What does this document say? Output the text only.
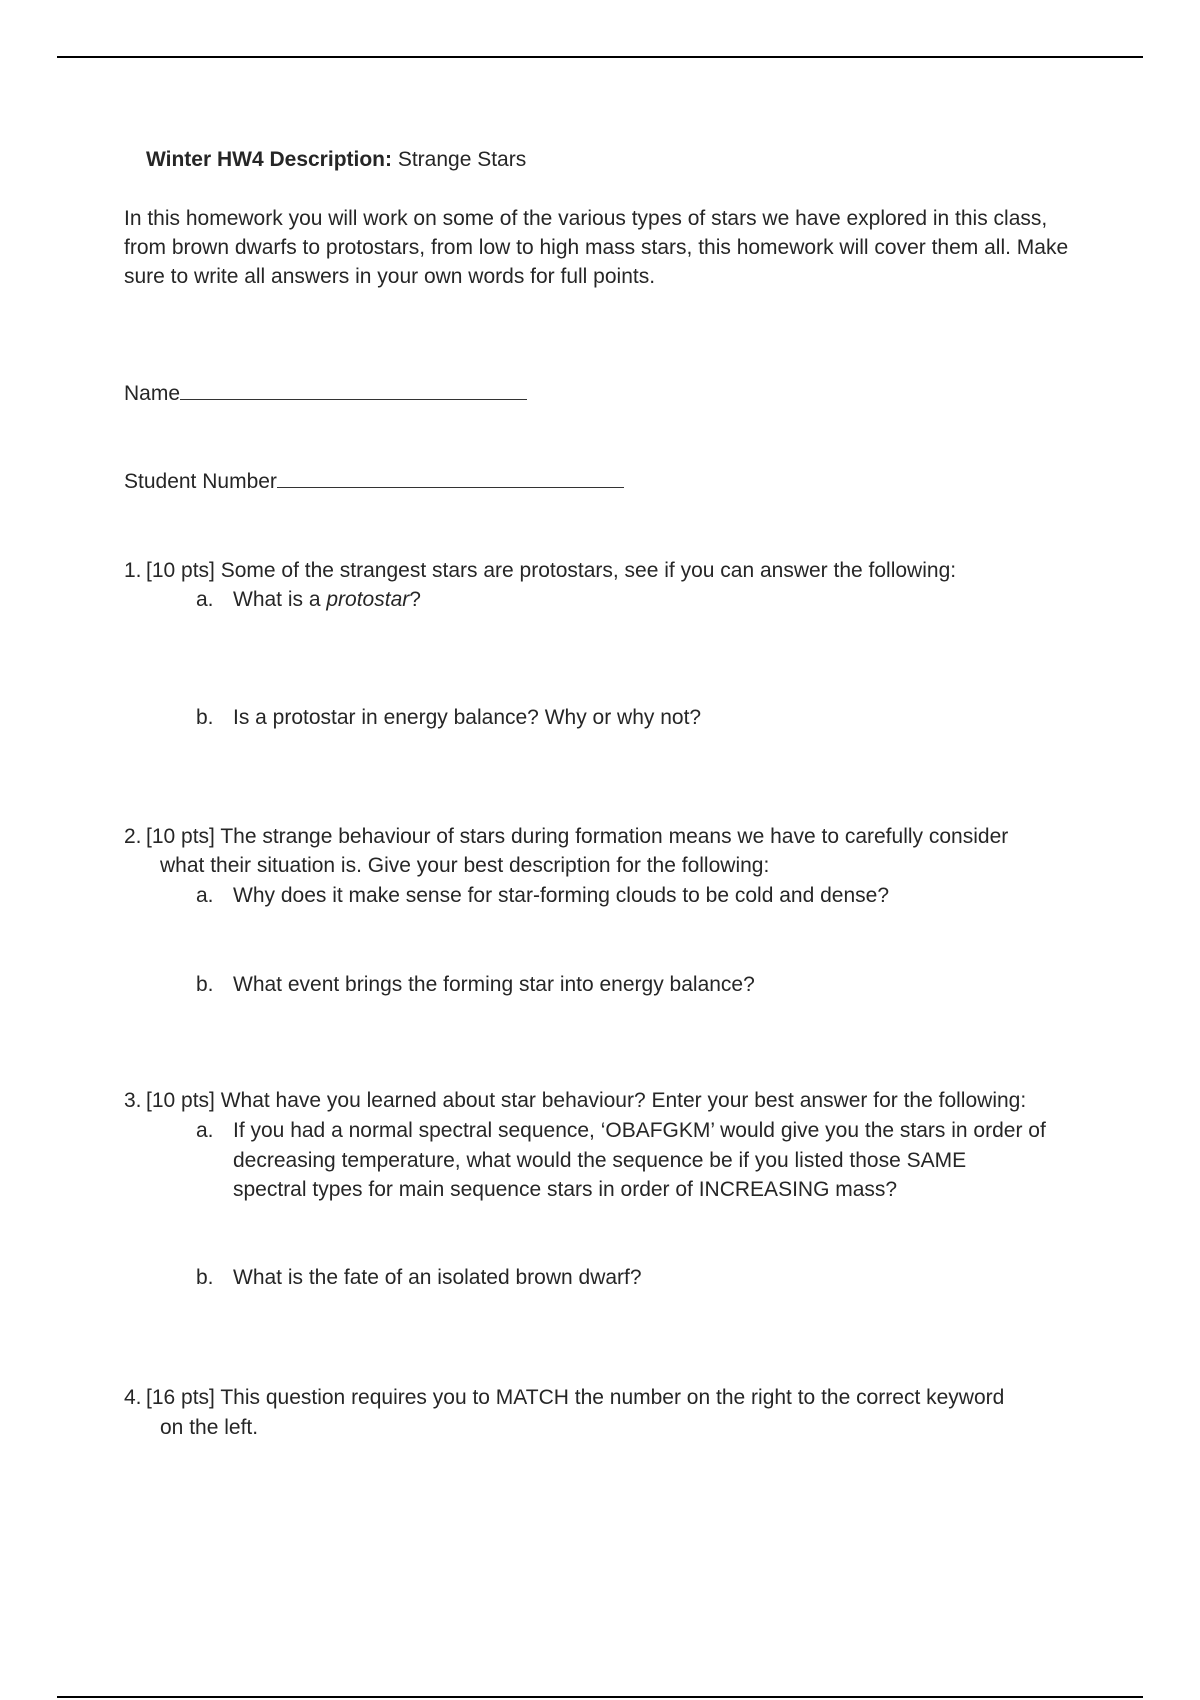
Winter HW4 Description: Strange Stars
In this homework you will work on some of the various types of stars we have explored in this class, from brown dwarfs to protostars, from low to high mass stars, this homework will cover them all. Make sure to write all answers in your own words for full points.
Name
Student Number
1. [10 pts] Some of the strangest stars are protostars, see if you can answer the following:
a. What is a protostar?
b. Is a protostar in energy balance? Why or why not?
2. [10 pts] The strange behaviour of stars during formation means we have to carefully consider
what their situation is. Give your best description for the following:
a. Why does it make sense for star-forming clouds to be cold and dense?
b. What event brings the forming star into energy balance?
3. [10 pts] What have you learned about star behaviour? Enter your best answer for the following:
a. If you had a normal spectral sequence, ‘OBAFGKM’ would give you the stars in order of
decreasing temperature, what would the sequence be if you listed those SAME
spectral types for main sequence stars in order of INCREASING mass?
b. What is the fate of an isolated brown dwarf?
4. [16 pts] This question requires you to MATCH the number on the right to the correct keyword
on the left.
